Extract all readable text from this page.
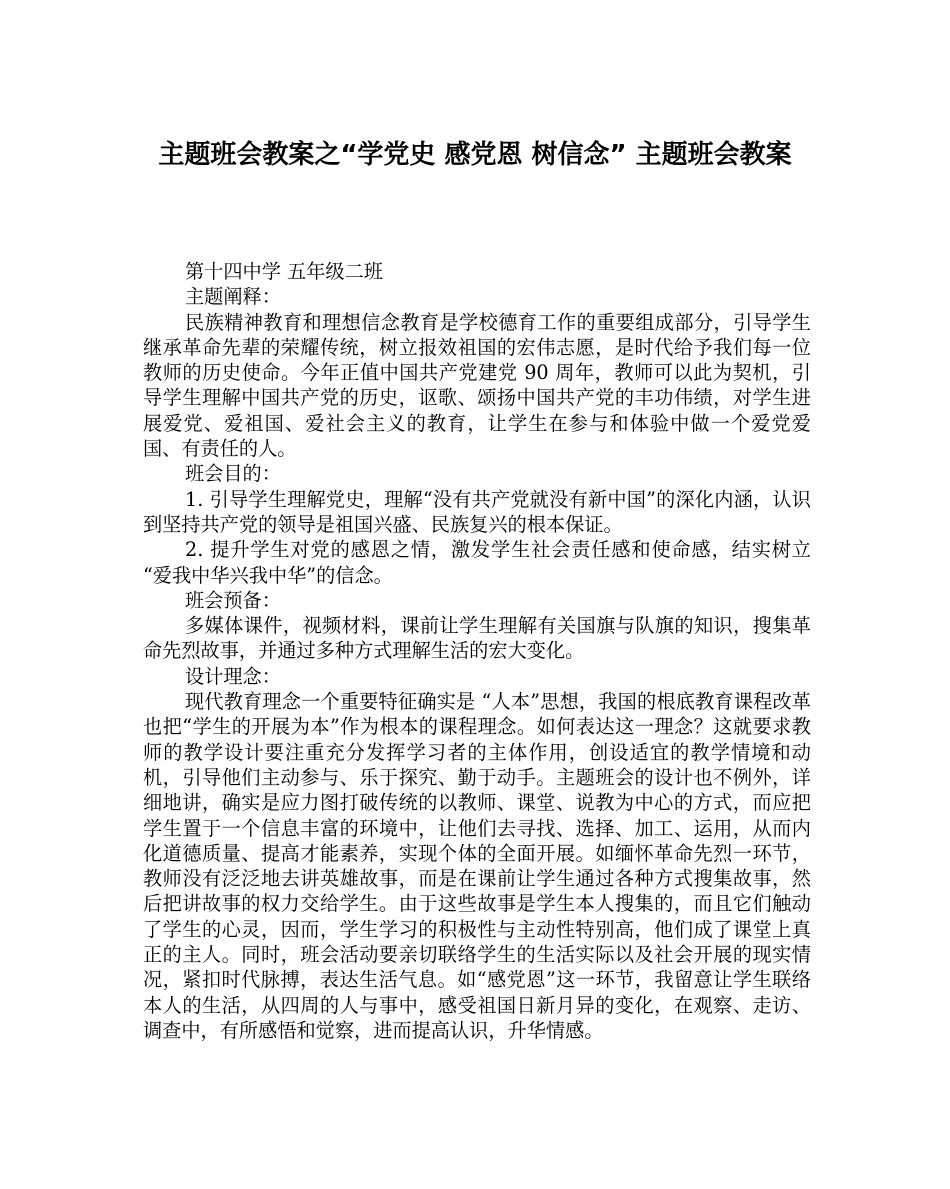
主题班会教案之“学党史 感党恩 树信念” 主题班会教案

第十四中学 五年级二班

主题阐释：

民族精神教育和理想信念教育是学校德育工作的重要组成部分，引导学生继承革命先辈的荣耀传统，树立报效祖国的宏伟志愿，是时代给予我们每一位教师的历史使命。今年正值中国共产党建党 90 周年，教师可以此为契机，引导学生理解中国共产党的历史，讴歌、颂扬中国共产党的丰功伟绩，对学生进展爱党、爱祖国、爱社会主义的教育，让学生在参与和体验中做一个爱党爱国、有责任的人。

班会目的：

1. 引导学生理解党史，理解“没有共产党就没有新中国”的深化内涵，认识到坚持共产党的领导是祖国兴盛、民族复兴的根本保证。

2. 提升学生对党的感恩之情，激发学生社会责任感和使命感，结实树立 “爱我中华兴我中华”的信念。

班会预备：

多媒体课件，视频材料，课前让学生理解有关国旗与队旗的知识，搜集革命先烈故事，并通过多种方式理解生活的宏大变化。

设计理念：

现代教育理念一个重要特征确实是 “人本”思想，我国的根底教育课程改革也把“学生的开展为本”作为根本的课程理念。如何表达这一理念？这就要求教师的教学设计要注重充分发挥学习者的主体作用，创设适宜的教学情境和动机，引导他们主动参与、乐于探究、勤于动手。主题班会的设计也不例外，详细地讲，确实是应力图打破传统的以教师、课堂、说教为中心的方式，而应把学生置于一个信息丰富的环境中，让他们去寻找、选择、加工、运用，从而内化道德质量、提高才能素养，实现个体的全面开展。如缅怀革命先烈一环节，教师没有泛泛地去讲英雄故事，而是在课前让学生通过各种方式搜集故事，然后把讲故事的权力交给学生。由于这些故事是学生本人搜集的，而且它们触动了学生的心灵，因而，学生学习的积极性与主动性特别高，他们成了课堂上真正的主人。同时，班会活动要亲切联络学生的生活实际以及社会开展的现实情况，紧扣时代脉搏，表达生活气息。如“感党恩”这一环节，我留意让学生联络本人的生活，从四周的人与事中，感受祖国日新月异的变化，在观察、走访、调查中，有所感悟和觉察，进而提高认识，升华情感。
